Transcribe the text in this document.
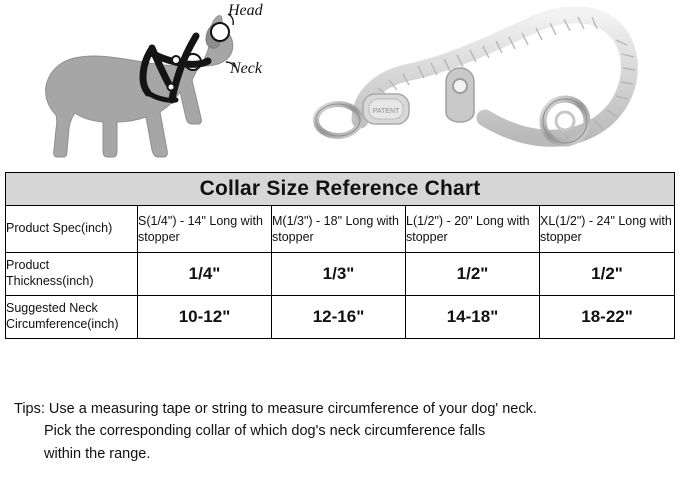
Head
Neck
PATENT
Collar Size Reference Chart				
Product Spec(inch)	S(1/4") - 14" Long with stopper	M(1/3") - 18" Long with stopper	L(1/2") - 20" Long with stopper	XL(1/2") - 24" Long with stopper
Product Thickness(inch)	1/4"	1/3"	1/2"	1/2"
Suggested Neck Circumference(inch)	10-12"	12-16"	14-18"	18-22"
Tips: Use a measuring tape or string to measure circumference of your dog' neck.
Pick the corresponding collar of which dog's neck circumference falls
within the range.
